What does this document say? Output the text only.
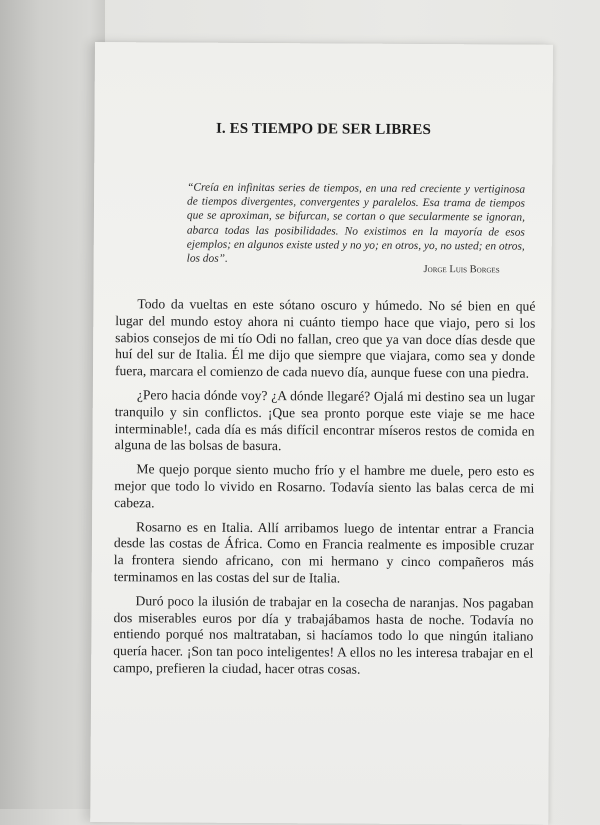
I. ES TIEMPO DE SER LIBRES
“Creía en infinitas series de tiempos, en una red creciente y vertiginosa de tiempos divergentes, convergentes y paralelos. Esa trama de tiempos que se aproximan, se bifurcan, se cortan o que secularmente se ignoran, abarca todas las posibilidades. No existimos en la mayoría de esos ejemplos; en algunos existe usted y no yo; en otros, yo, no usted; en otros, los dos”.
Jorge Luis Borges

Todo da vueltas en este sótano oscuro y húmedo. No sé bien en qué lugar del mundo estoy ahora ni cuánto tiempo hace que viajo, pero si los sabios consejos de mi tío Odi no fallan, creo que ya van doce días desde que huí del sur de Italia. Él me dijo que siempre que viajara, como sea y donde fuera, marcara el comienzo de cada nuevo día, aunque fuese con una piedra.

¿Pero hacia dónde voy? ¿A dónde llegaré? Ojalá mi destino sea un lugar tranquilo y sin conflictos. ¡Que sea pronto porque este viaje se me hace interminable!, cada día es más difícil encontrar míseros restos de comida en alguna de las bolsas de basura.

Me quejo porque siento mucho frío y el hambre me duele, pero esto es mejor que todo lo vivido en Rosarno. Todavía siento las balas cerca de mi cabeza.

Rosarno es en Italia. Allí arribamos luego de intentar entrar a Francia desde las costas de África. Como en Francia realmente es imposible cruzar la frontera siendo africano, con mi hermano y cinco compañeros más terminamos en las costas del sur de Italia.

Duró poco la ilusión de trabajar en la cosecha de naranjas. Nos pagaban dos miserables euros por día y trabajábamos hasta de noche. Todavía no entiendo porqué nos maltrataban, si hacíamos todo lo que ningún italiano quería hacer. ¡Son tan poco inteligentes! A ellos no les interesa trabajar en el campo, prefieren la ciudad, hacer otras cosas.
